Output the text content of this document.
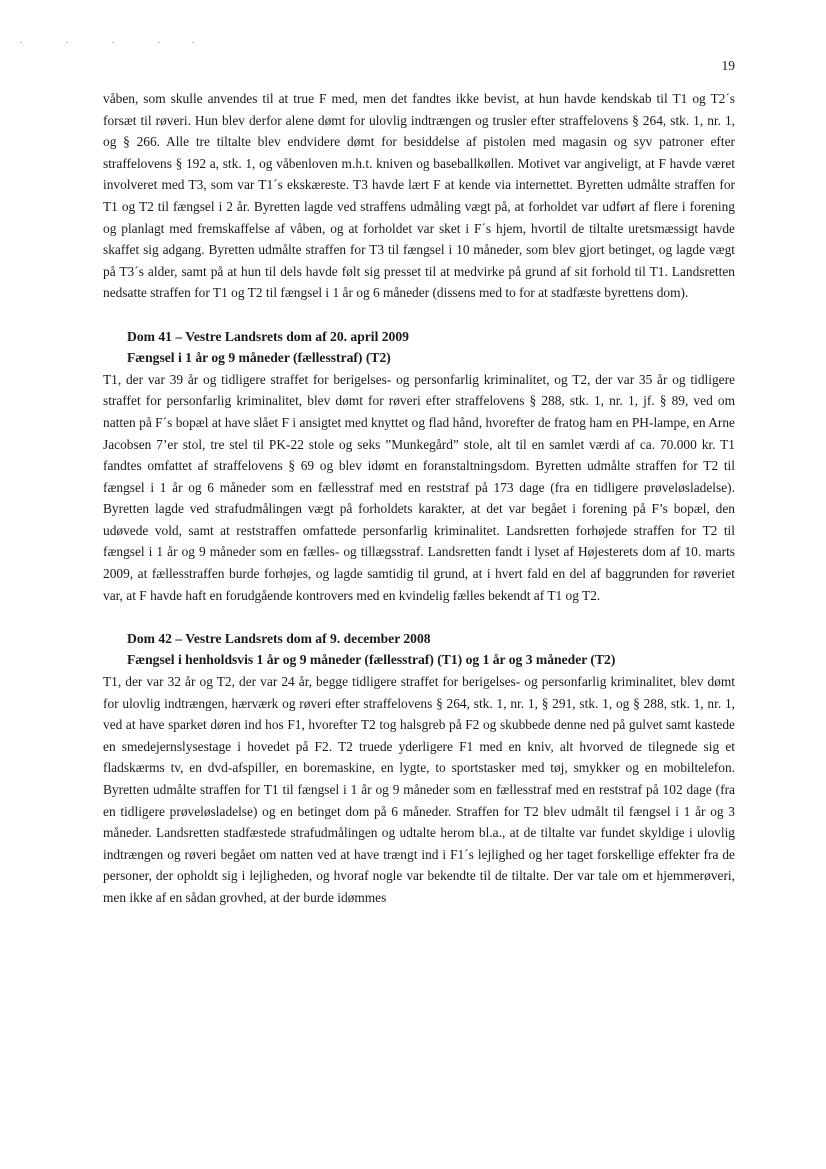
19

våben, som skulle anvendes til at true F med, men det fandtes ikke bevist, at hun havde kendskab til T1 og T2´s forsæt til røveri. Hun blev derfor alene dømt for ulovlig indtrængen og trusler efter straffelovens § 264, stk. 1, nr. 1, og § 266. Alle tre tiltalte blev endvidere dømt for besiddelse af pistolen med magasin og syv patroner efter straffelovens § 192 a, stk. 1, og våbenloven m.h.t. kniven og baseballkøllen. Motivet var angiveligt, at F havde været involveret med T3, som var T1´s ekskæreste. T3 havde lært F at kende via internettet. Byretten udmålte straffen for T1 og T2 til fængsel i 2 år. Byretten lagde ved straffens udmåling vægt på, at forholdet var udført af flere i forening og planlagt med fremskaffelse af våben, og at forholdet var sket i F´s hjem, hvortil de tiltalte uretsmæssigt havde skaffet sig adgang. Byretten udmålte straffen for T3 til fængsel i 10 måneder, som blev gjort betinget, og lagde vægt på T3´s alder, samt på at hun til dels havde følt sig presset til at medvirke på grund af sit forhold til T1. Landsretten nedsatte straffen for T1 og T2 til fængsel i 1 år og 6 måneder (dissens med to for at stadfæste byrettens dom).

Dom 41 – Vestre Landsrets dom af 20. april 2009

Fængsel i 1 år og 9 måneder (fællesstraf) (T2)

T1, der var 39 år og tidligere straffet for berigelses- og personfarlig kriminalitet, og T2, der var 35 år og tidligere straffet for personfarlig kriminalitet, blev dømt for røveri efter straffelovens § 288, stk. 1, nr. 1, jf. § 89, ved om natten på F´s bopæl at have slået F i ansigtet med knyttet og flad hånd, hvorefter de fratog ham en PH-lampe, en Arne Jacobsen 7’er stol, tre stel til PK-22 stole og seks ”Munkegård” stole, alt til en samlet værdi af ca. 70.000 kr. T1 fandtes omfattet af straffelovens § 69 og blev idømt en foranstaltningsdom. Byretten udmålte straffen for T2 til fængsel i 1 år og 6 måneder som en fællesstraf med en reststraf på 173 dage (fra en tidligere prøveløsladelse). Byretten lagde ved strafudmålingen vægt på forholdets karakter, at det var begået i forening på F’s bopæl, den udøvede vold, samt at reststraffen omfattede personfarlig kriminalitet. Landsretten forhøjede straffen for T2 til fængsel i 1 år og 9 måneder som en fælles- og tillægsstraf. Landsretten fandt i lyset af Højesterets dom af 10. marts 2009, at fællesstraffen burde forhøjes, og lagde samtidig til grund, at i hvert fald en del af baggrunden for røveriet var, at F havde haft en forudgående kontrovers med en kvindelig fælles bekendt af T1 og T2.

Dom 42 – Vestre Landsrets dom af 9. december 2008

Fængsel i henholdsvis 1 år og 9 måneder (fællesstraf) (T1) og 1 år og 3 måneder (T2)

T1, der var 32 år og T2, der var 24 år, begge tidligere straffet for berigelses- og personfarlig kriminalitet, blev dømt for ulovlig indtrængen, hærværk og røveri efter straffelovens § 264, stk. 1, nr. 1, § 291, stk. 1, og § 288, stk. 1, nr. 1, ved at have sparket døren ind hos F1, hvorefter T2 tog halsgreb på F2 og skubbede denne ned på gulvet samt kastede en smedejernslysestage i hovedet på F2. T2 truede yderligere F1 med en kniv, alt hvorved de tilegnede sig et fladskærms tv, en dvd-afspiller, en boremaskine, en lygte, to sportstasker med tøj, smykker og en mobiltelefon. Byretten udmålte straffen for T1 til fængsel i 1 år og 9 måneder som en fællesstraf med en reststraf på 102 dage (fra en tidligere prøveløsladelse) og en betinget dom på 6 måneder. Straffen for T2 blev udmålt til fængsel i 1 år og 3 måneder. Landsretten stadfæstede strafudmålingen og udtalte herom bl.a., at de tiltalte var fundet skyldige i ulovlig indtrængen og røveri begået om natten ved at have trængt ind i F1´s lejlighed og her taget forskellige effekter fra de personer, der opholdt sig i lejligheden, og hvoraf nogle var bekendte til de tiltalte. Der var tale om et hjemmerøveri, men ikke af en sådan grovhed, at der burde idømmes
